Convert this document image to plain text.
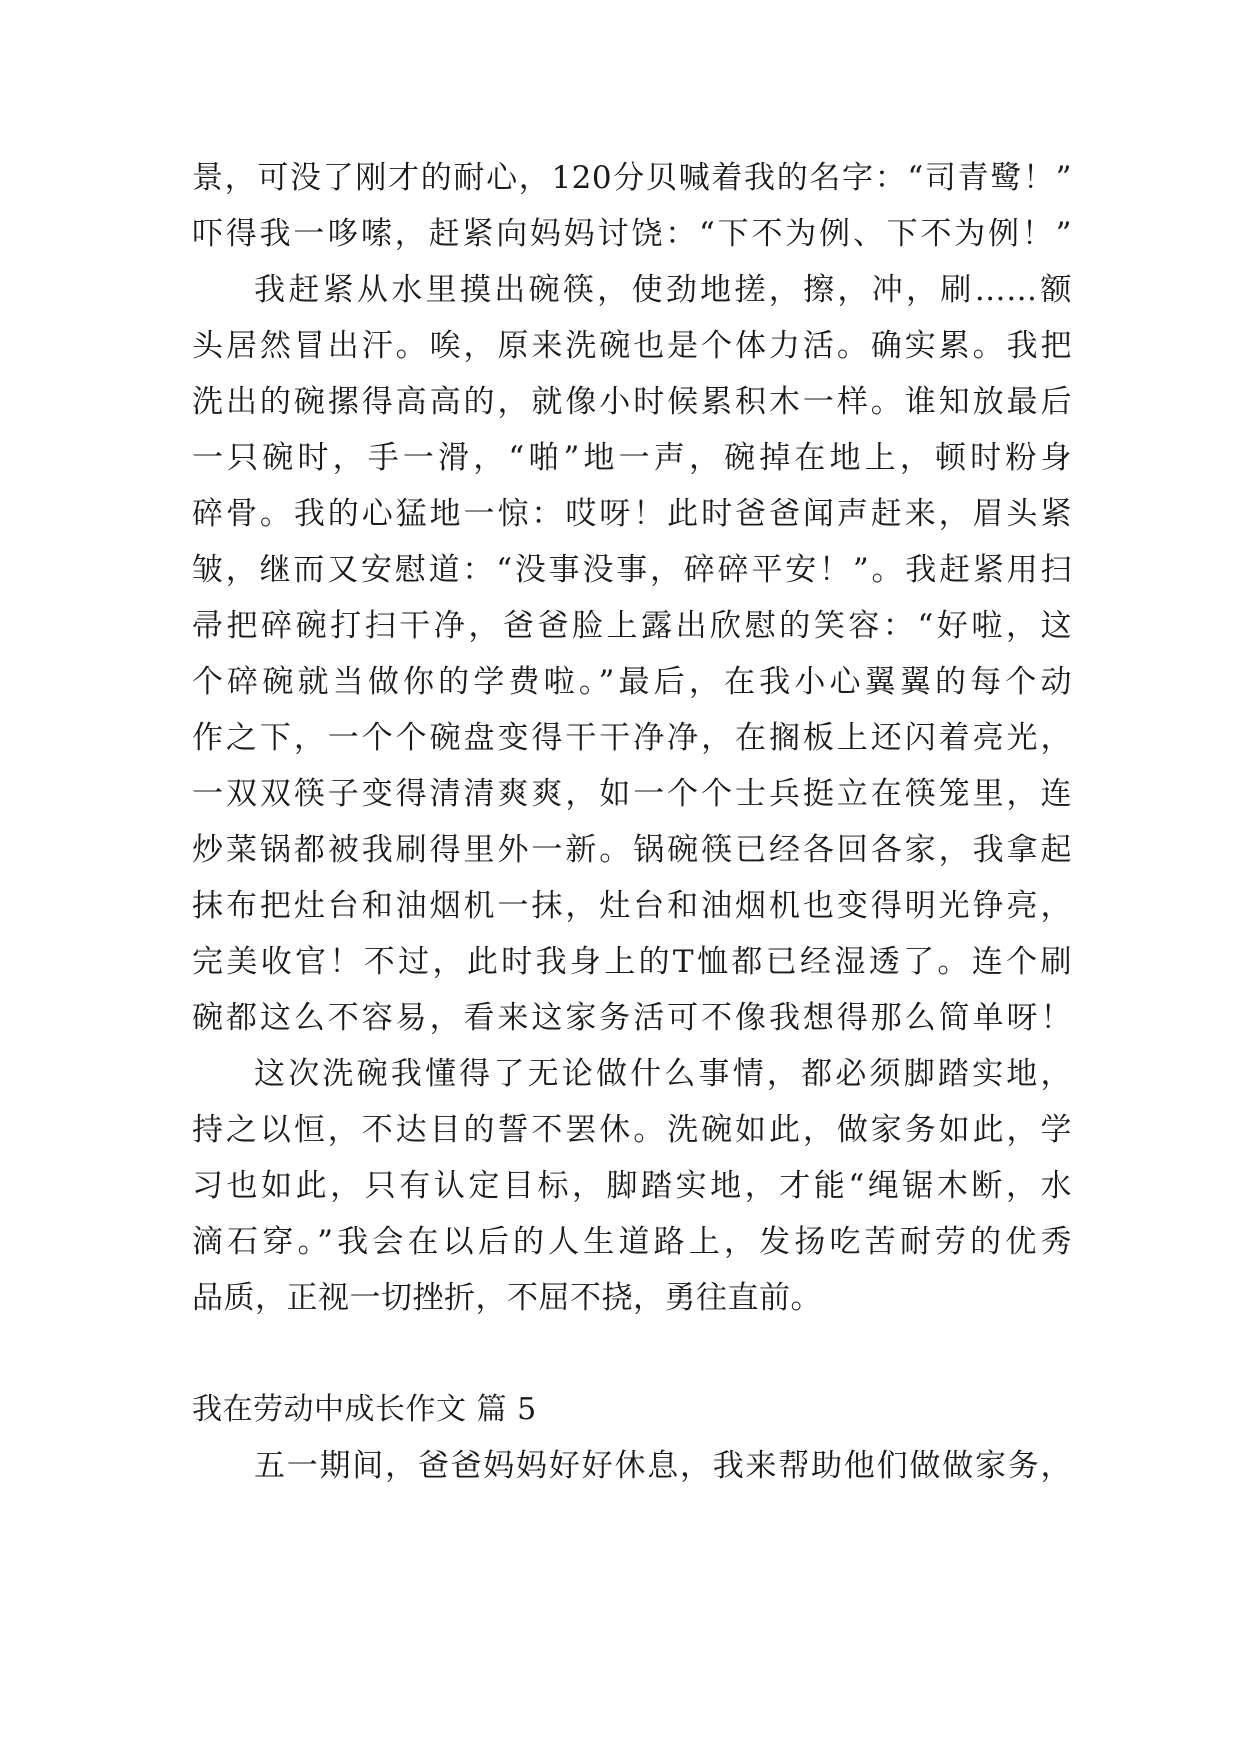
景，可没了刚才的耐心，120分贝喊着我的名字：“司青鹭！”
吓得我一哆嗦，赶紧向妈妈讨饶：“下不为例、下不为例！”
我赶紧从水里摸出碗筷，使劲地搓，擦，冲，刷……额
头居然冒出汗。唉，原来洗碗也是个体力活。确实累。我把
洗出的碗摞得高高的，就像小时候累积木一样。谁知放最后
一只碗时，手一滑，“啪”地一声，碗掉在地上，顿时粉身
碎骨。我的心猛地一惊：哎呀！此时爸爸闻声赶来，眉头紧
皱，继而又安慰道：“没事没事，碎碎平安！”。我赶紧用扫
帚把碎碗打扫干净，爸爸脸上露出欣慰的笑容：“好啦，这
个碎碗就当做你的学费啦。”最后，在我小心翼翼的每个动
作之下，一个个碗盘变得干干净净，在搁板上还闪着亮光，
一双双筷子变得清清爽爽，如一个个士兵挺立在筷笼里，连
炒菜锅都被我刷得里外一新。锅碗筷已经各回各家，我拿起
抹布把灶台和油烟机一抹，灶台和油烟机也变得明光铮亮，
完美收官！不过，此时我身上的T恤都已经湿透了。连个刷
碗都这么不容易，看来这家务活可不像我想得那么简单呀！
这次洗碗我懂得了无论做什么事情，都必须脚踏实地，
持之以恒，不达目的誓不罢休。洗碗如此，做家务如此，学
习也如此，只有认定目标，脚踏实地，才能“绳锯木断，水
滴石穿。”我会在以后的人生道路上，发扬吃苦耐劳的优秀
品质，正视一切挫折，不屈不挠，勇往直前。
我在劳动中成长作文 篇 5
五一期间，爸爸妈妈好好休息，我来帮助他们做做家务，
